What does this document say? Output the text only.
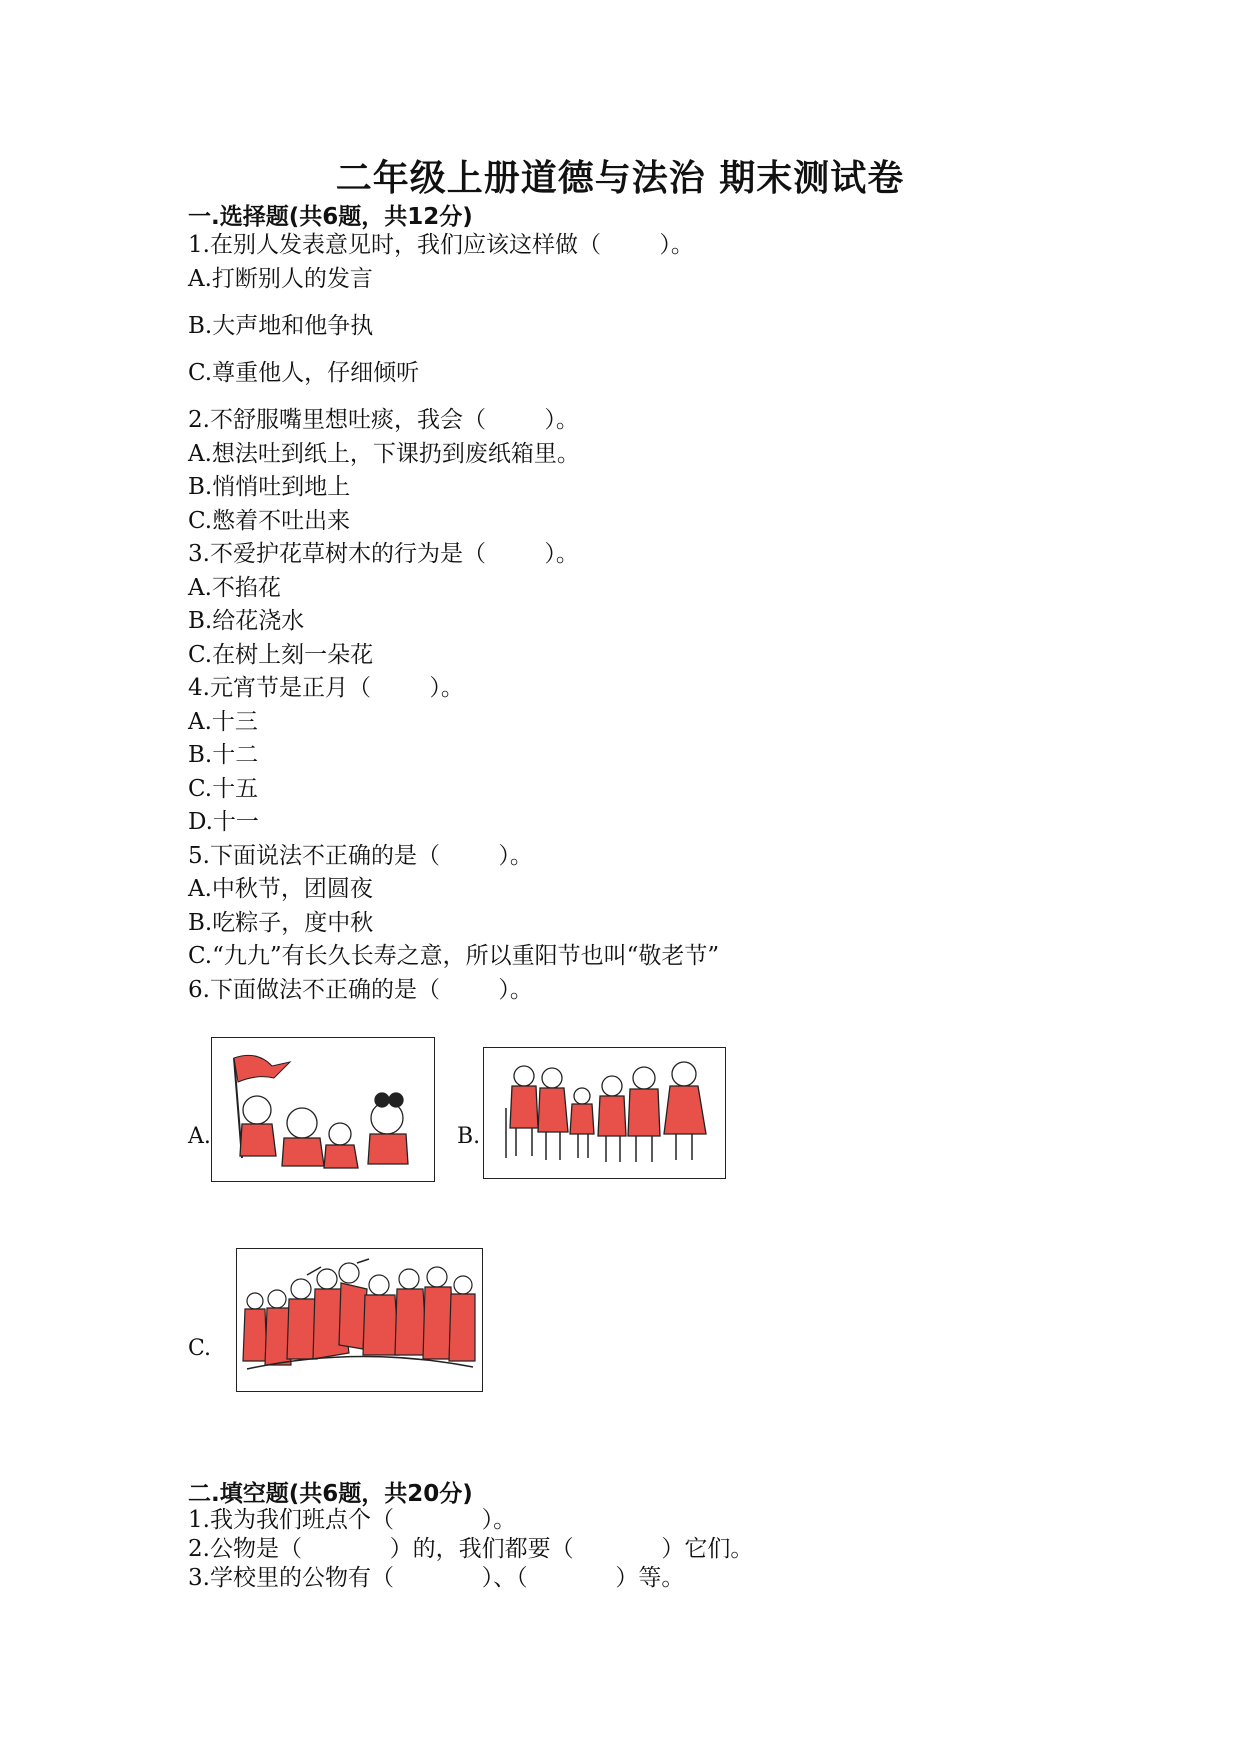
二年级上册道德与法治 期末测试卷
一.选择题(共6题，共12分)
1.在别人发表意见时，我们应该这样做（        ）。
A.打断别人的发言
B.大声地和他争执
C.尊重他人，仔细倾听
2.不舒服嘴里想吐痰，我会（        ）。
A.想法吐到纸上，下课扔到废纸箱里。
B.悄悄吐到地上
C.憋着不吐出来
3.不爱护花草树木的行为是（        ）。
A.不掐花
B.给花浇水
C.在树上刻一朵花
4.元宵节是正月（        ）。
A.十三
B.十二
C.十五
D.十一
5.下面说法不正确的是（        ）。
A.中秋节，团圆夜
B.吃粽子，度中秋
C.“九九”有长久长寿之意，所以重阳节也叫“敬老节”
6.下面做法不正确的是（        ）。
A.	B.
C.
二.填空题(共6题，共20分)
1.我为我们班点个（            ）。
2.公物是（            ）的，我们都要（            ）它们。
3.学校里的公物有（            ）、（            ）等。
